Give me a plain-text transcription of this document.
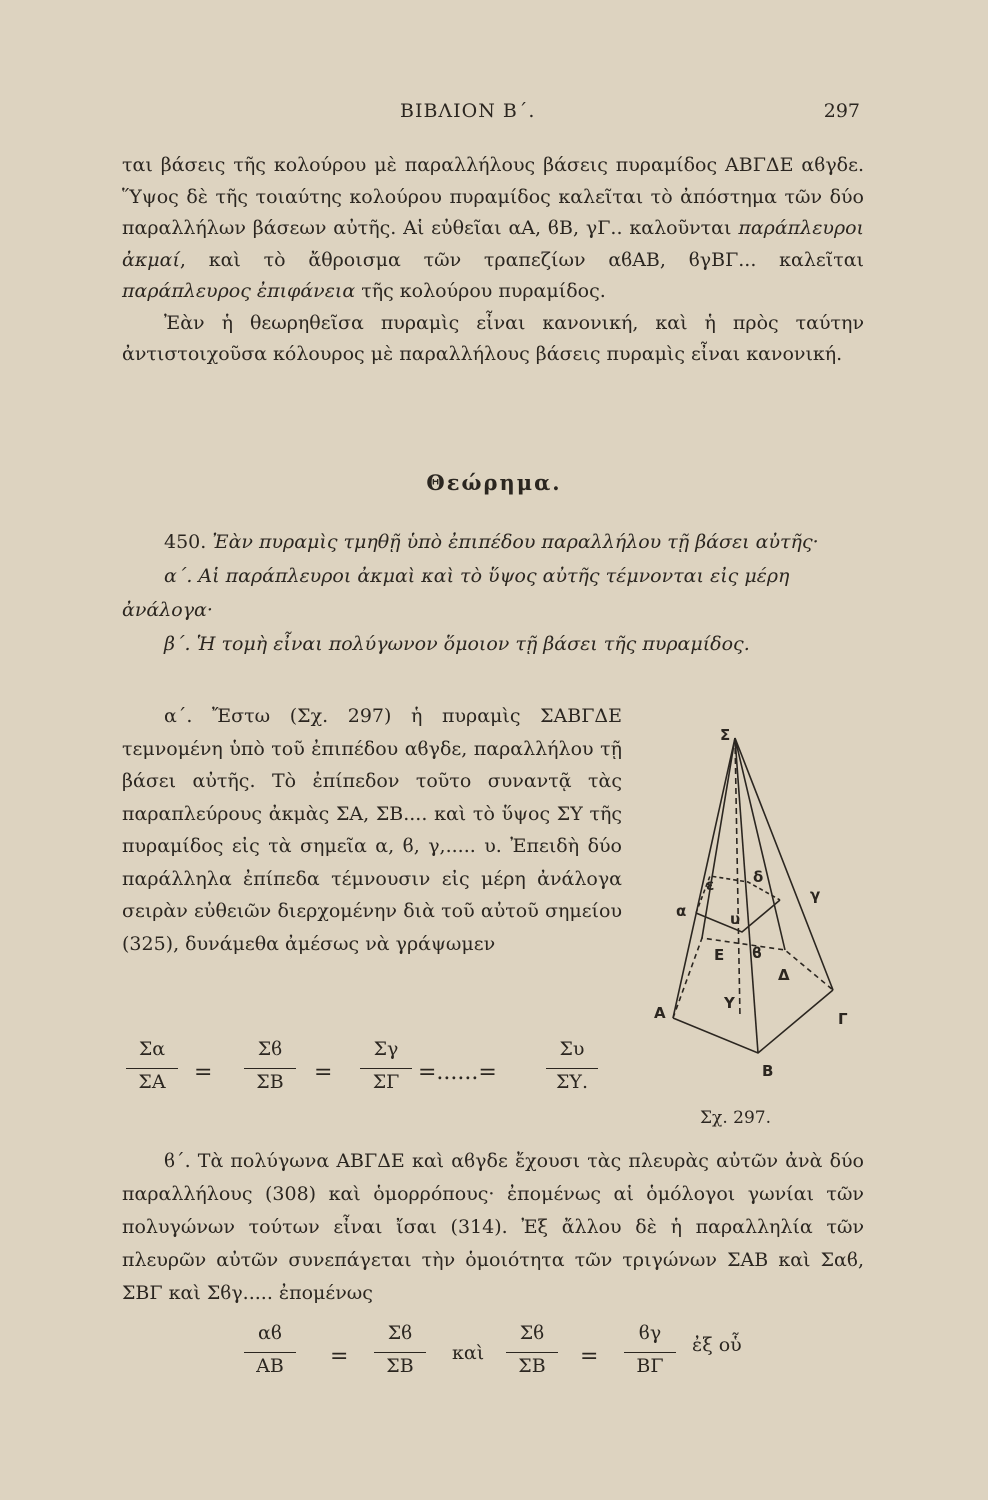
ΒΙΒΛΙΟΝ Β΄.	297

ται βάσεις τῆς κολούρου μὲ παραλλήλους βάσεις πυραμίδος ΑΒΓΔΕ αϐγδε. Ὕψος δὲ τῆς τοιαύτης κολούρου πυραμίδος καλεῖται τὸ ἀπόστημα τῶν δύο παραλλήλων βάσεων αὐτῆς. Αἱ εὐθεῖαι αΑ, ϐΒ, γΓ.. καλοῦνται παράπλευροι ἀκμαί, καὶ τὸ ἄθροισμα τῶν τραπεζίων αϐΑΒ, ϐγΒΓ... καλεῖται παράπλευρος ἐπιφάνεια τῆς κολούρου πυραμίδος.

Ἐὰν ἡ θεωρηθεῖσα πυραμὶς εἶναι κανονική, καὶ ἡ πρὸς ταύτην ἀντιστοιχοῦσα κόλουρος μὲ παραλλήλους βάσεις πυραμὶς εἶναι κανονική.

Θεώρημα.
450. Ἐὰν πυραμὶς τμηθῇ ὑπὸ ἐπιπέδου παραλλήλου τῇ βάσει αὐτῆς·
α΄. Αἱ παράπλευροι ἀκμαὶ καὶ τὸ ὕψος αὐτῆς τέμνονται εἰς μέρη ἀνάλογα·
β΄. Ἡ τομὴ εἶναι πολύγωνον ὅμοιον τῇ βάσει τῆς πυραμίδος.

α΄. Ἔστω (Σχ. 297) ἡ πυραμὶς ΣΑΒΓΔΕ τεμνομένη ὑπὸ τοῦ ἐπιπέδου αϐγδε, παραλλήλου τῇ βάσει αὐτῆς. Τὸ ἐπίπεδον τοῦτο συναντᾷ τὰς παραπλεύρους ἀκμὰς ΣΑ, ΣΒ.... καὶ τὸ ὕψος ΣΥ τῆς πυραμίδος εἰς τὰ σημεῖα α, ϐ, γ,..... υ. Ἐπειδὴ δύο παράλληλα ἐπίπεδα τέμνουσιν εἰς μέρη ἀνάλογα σειρὰν εὐθειῶν διερχομένην διὰ τοῦ αὐτοῦ σημείου (325), δυνάμεθα ἀμέσως νὰ γράψωμεν

Σα
ΣΑ	=
Σϐ
ΣΒ	=
Σγ
ΣΓ =......=
Συ
ΣΥ.
Σ
Α
Β
Γ
Δ
Ε
Υ
α
ϐ
γ
δ
ε
υ
Σχ. 297.

ϐ΄. Τὰ πολύγωνα ΑΒΓΔΕ καὶ αϐγδε ἔχουσι τὰς πλευρὰς αὐτῶν ἀνὰ δύο παραλλήλους (308) καὶ ὁμορρόπους· ἐπομένως αἱ ὁμόλογοι γωνίαι τῶν πολυγώνων τούτων εἶναι ἴσαι (314). Ἐξ ἄλλου δὲ ἡ παραλληλία τῶν πλευρῶν αὐτῶν συνεπάγεται τὴν ὁμοιότητα τῶν τριγώνων ΣΑΒ καὶ Σαϐ, ΣΒΓ καὶ Σϐγ..... ἐπομένως

αϐ
ΑΒ	=
Σϐ
ΣΒ
καὶ
Σϐ
ΣΒ	=
ϐγ
ΒΓ
ἐξ οὗ
